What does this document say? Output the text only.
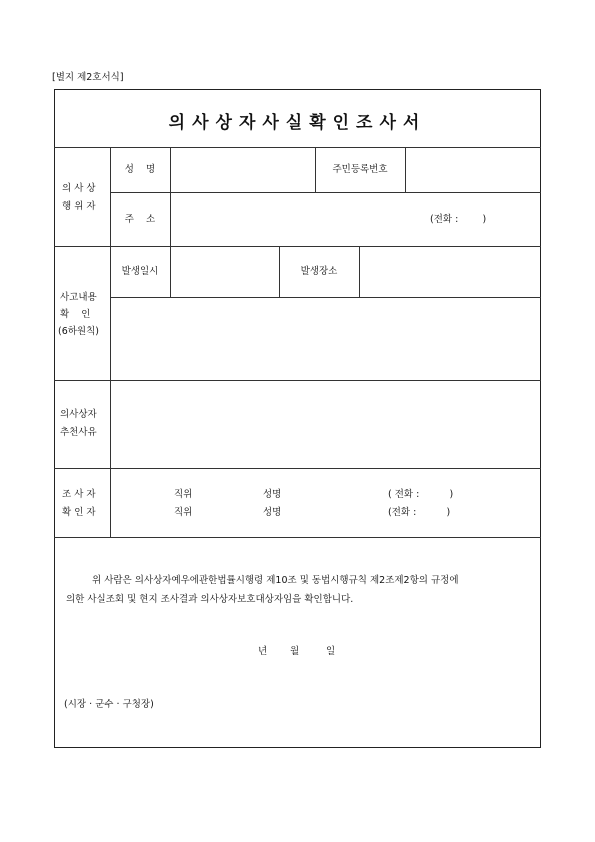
[별지 제2호서식]
의사상자사실확인조사서
의 사 상
행 위 자
성    명	주민등록번호
주    소	(전화 :        )
사고내용
확    인
(6하원칙)
발생일시	발생장소
의사상자
추천사유
조 사 자
확 인 자
직위	성명	( 전화 :          )
직위	성명	(전화 :          )
위 사람은 의사상자예우에관한법률시행령 제10조 및 동법시행규칙 제2조제2항의 규정에
의한 사실조회 및 현지 조사결과 의사상자보호대상자임을 확인합니다.
년 월	일
(시장 · 군수 · 구청장)
